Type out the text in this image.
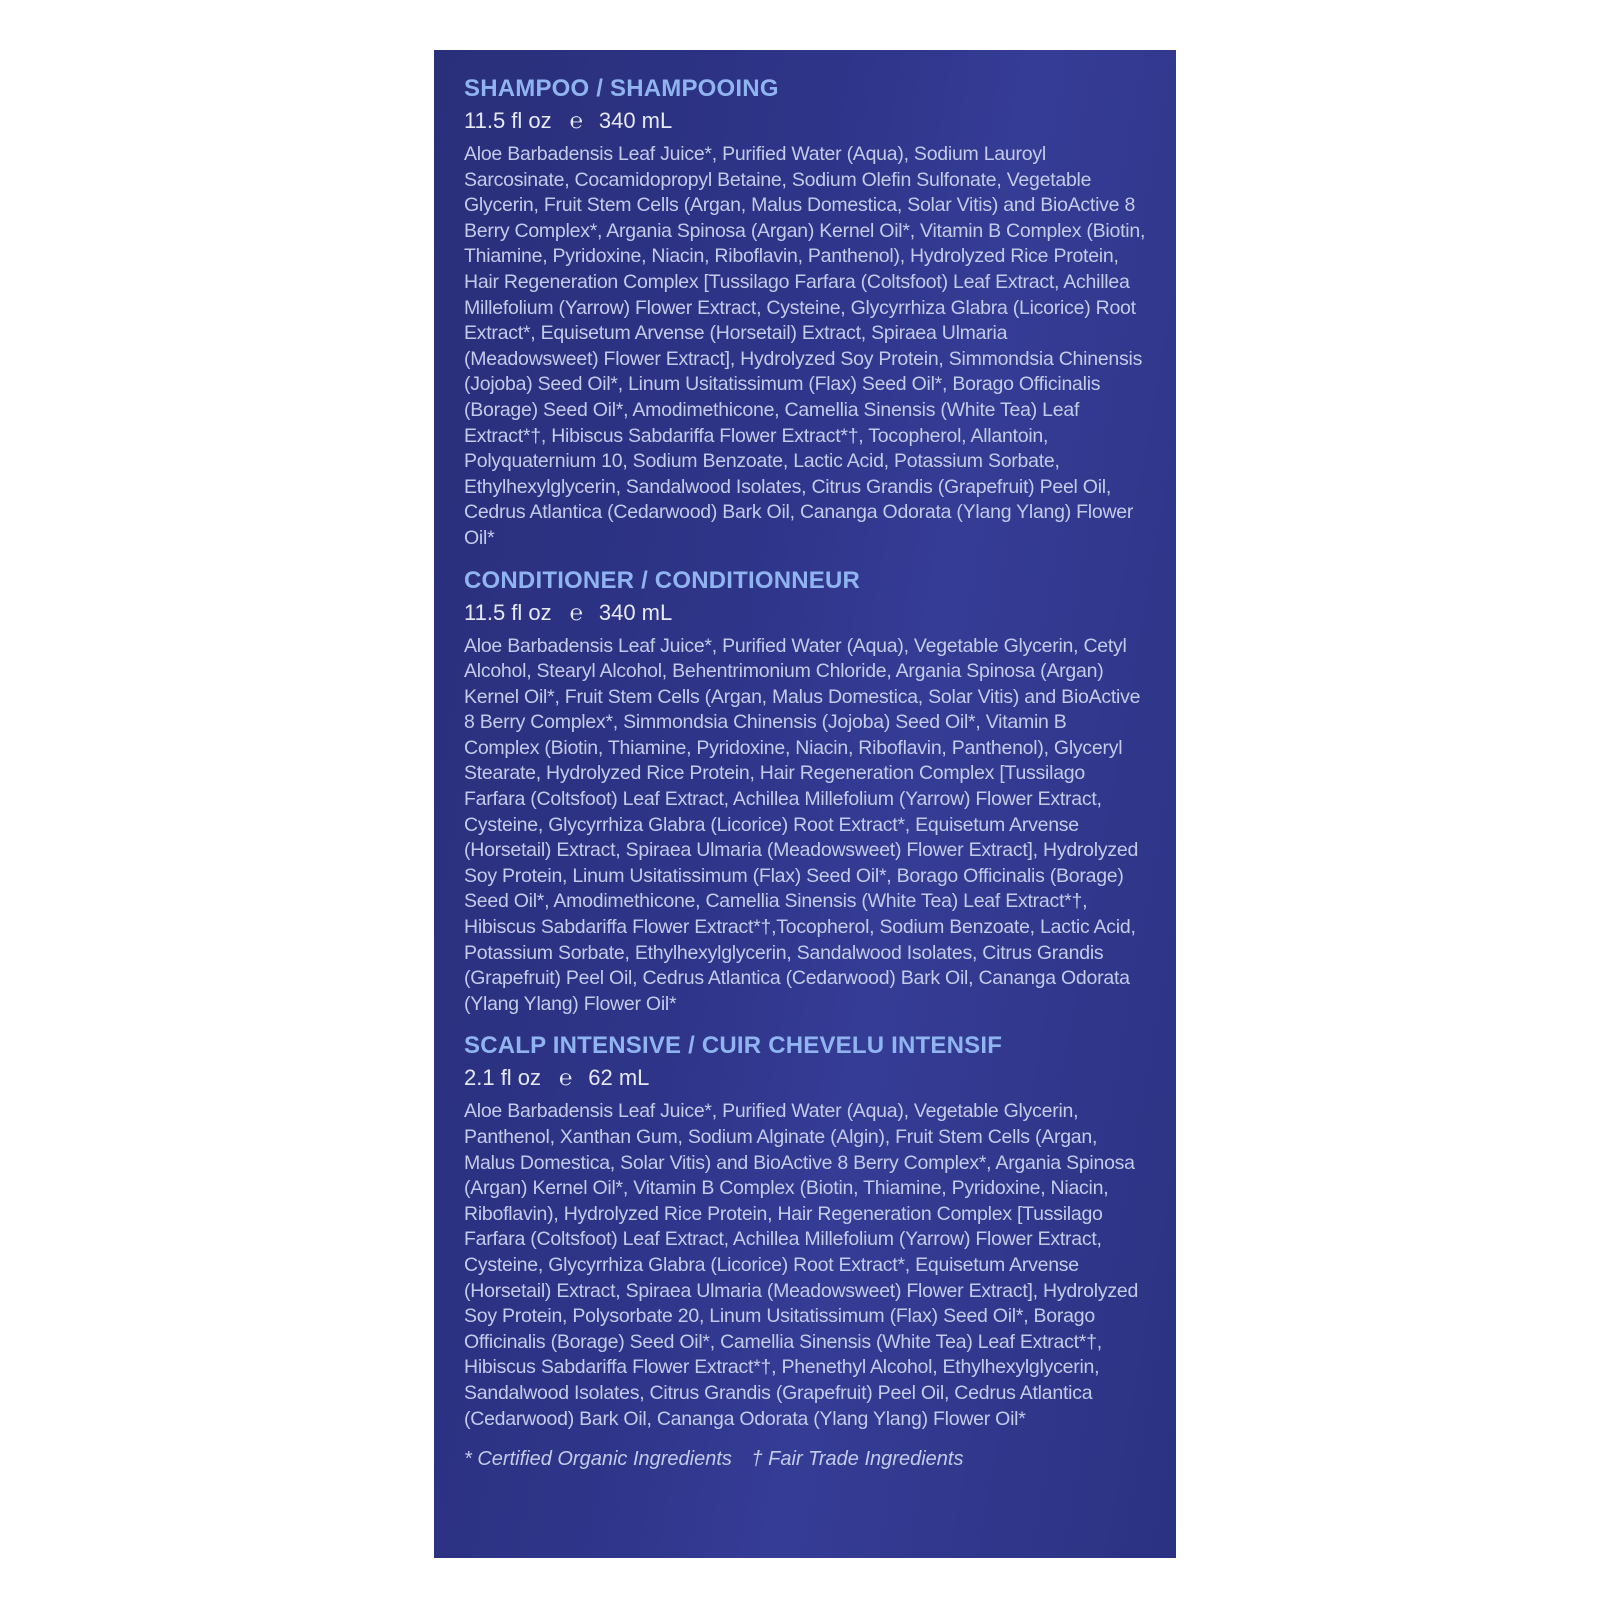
SHAMPOO / SHAMPOOING
11.5 fl oz ℮ 340 mL

Aloe Barbadensis Leaf Juice*, Purified Water (Aqua), Sodium Lauroyl Sarcosinate, Cocamidopropyl Betaine, Sodium Olefin Sulfonate, Vegetable Glycerin, Fruit Stem Cells (Argan, Malus Domestica, Solar Vitis) and BioActive 8 Berry Complex*, Argania Spinosa (Argan) Kernel Oil*, Vitamin B Complex (Biotin, Thiamine, Pyridoxine, Niacin, Riboflavin, Panthenol), Hydrolyzed Rice Protein, Hair Regeneration Complex [Tussilago Farfara (Coltsfoot) Leaf Extract, Achillea Millefolium (Yarrow) Flower Extract, Cysteine, Glycyrrhiza Glabra (Licorice) Root Extract*, Equisetum Arvense (Horsetail) Extract, Spiraea Ulmaria (Meadowsweet) Flower Extract], Hydrolyzed Soy Protein, Simmondsia Chinensis (Jojoba) Seed Oil*, Linum Usitatissimum (Flax) Seed Oil*, Borago Officinalis (Borage) Seed Oil*, Amodimethicone, Camellia Sinensis (White Tea) Leaf Extract*†, Hibiscus Sabdariffa Flower Extract*†, Tocopherol, Allantoin, Polyquaternium 10, Sodium Benzoate, Lactic Acid, Potassium Sorbate, Ethylhexylglycerin, Sandalwood Isolates, Citrus Grandis (Grapefruit) Peel Oil, Cedrus Atlantica (Cedarwood) Bark Oil, Cananga Odorata (Ylang Ylang) Flower Oil*

CONDITIONER / CONDITIONNEUR
11.5 fl oz ℮ 340 mL

Aloe Barbadensis Leaf Juice*, Purified Water (Aqua), Vegetable Glycerin, Cetyl Alcohol, Stearyl Alcohol, Behentrimonium Chloride, Argania Spinosa (Argan) Kernel Oil*, Fruit Stem Cells (Argan, Malus Domestica, Solar Vitis) and BioActive 8 Berry Complex*, Simmondsia Chinensis (Jojoba) Seed Oil*, Vitamin B Complex (Biotin, Thiamine, Pyridoxine, Niacin, Riboflavin, Panthenol), Glyceryl Stearate, Hydrolyzed Rice Protein, Hair Regeneration Complex [Tussilago Farfara (Coltsfoot) Leaf Extract, Achillea Millefolium (Yarrow) Flower Extract, Cysteine, Glycyrrhiza Glabra (Licorice) Root Extract*, Equisetum Arvense (Horsetail) Extract, Spiraea Ulmaria (Meadowsweet) Flower Extract], Hydrolyzed Soy Protein, Linum Usitatissimum (Flax) Seed Oil*, Borago Officinalis (Borage) Seed Oil*, Amodimethicone, Camellia Sinensis (White Tea) Leaf Extract*†, Hibiscus Sabdariffa Flower Extract*†,Tocopherol, Sodium Benzoate, Lactic Acid, Potassium Sorbate, Ethylhexylglycerin, Sandalwood Isolates, Citrus Grandis (Grapefruit) Peel Oil, Cedrus Atlantica (Cedarwood) Bark Oil, Cananga Odorata (Ylang Ylang) Flower Oil*

SCALP INTENSIVE / CUIR CHEVELU INTENSIF
2.1 fl oz ℮ 62 mL

Aloe Barbadensis Leaf Juice*, Purified Water (Aqua), Vegetable Glycerin, Panthenol, Xanthan Gum, Sodium Alginate (Algin), Fruit Stem Cells (Argan, Malus Domestica, Solar Vitis) and BioActive 8 Berry Complex*, Argania Spinosa (Argan) Kernel Oil*, Vitamin B Complex (Biotin, Thiamine, Pyridoxine, Niacin, Riboflavin), Hydrolyzed Rice Protein, Hair Regeneration Complex [Tussilago Farfara (Coltsfoot) Leaf Extract, Achillea Millefolium (Yarrow) Flower Extract, Cysteine, Glycyrrhiza Glabra (Licorice) Root Extract*, Equisetum Arvense (Horsetail) Extract, Spiraea Ulmaria (Meadowsweet) Flower Extract], Hydrolyzed Soy Protein, Polysorbate 20, Linum Usitatissimum (Flax) Seed Oil*, Borago Officinalis (Borage) Seed Oil*, Camellia Sinensis (White Tea) Leaf Extract*†, Hibiscus Sabdariffa Flower Extract*†, Phenethyl Alcohol, Ethylhexylglycerin, Sandalwood Isolates, Citrus Grandis (Grapefruit) Peel Oil, Cedrus Atlantica (Cedarwood) Bark Oil, Cananga Odorata (Ylang Ylang) Flower Oil*

* Certified Organic Ingredients † Fair Trade Ingredients
